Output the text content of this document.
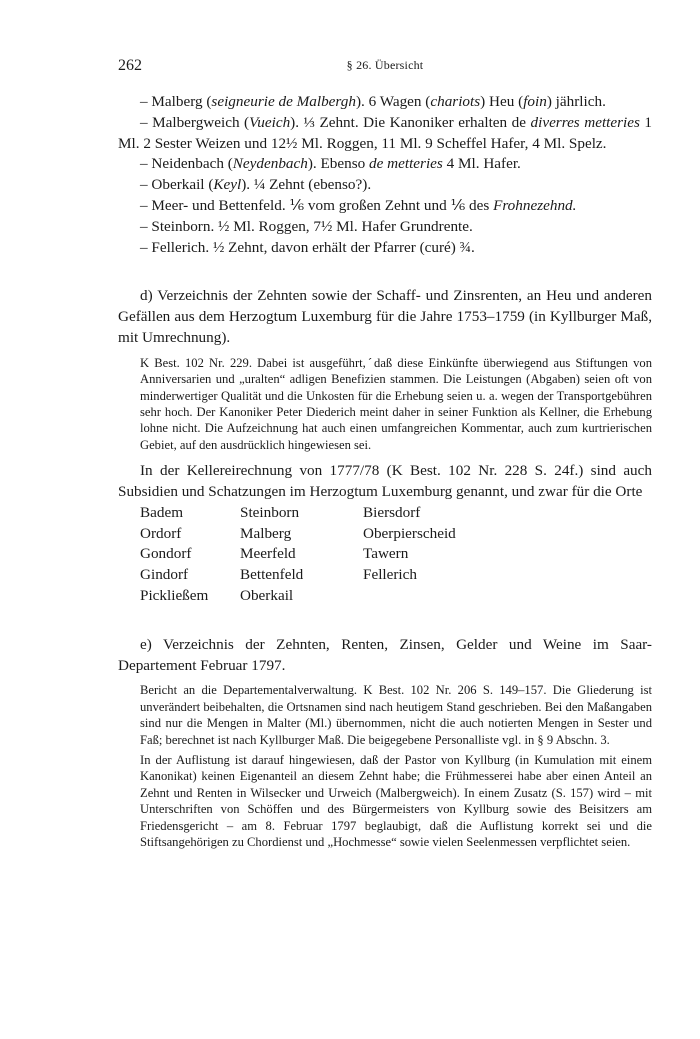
262	§ 26. Übersicht

– Malberg (seigneurie de Malbergh). 6 Wagen (chariots) Heu (foin) jährlich.

– Malbergweich (Vueich). ⅓ Zehnt. Die Kanoniker erhalten de diverres metteries 1 Ml. 2 Sester Weizen und 12½ Ml. Roggen, 11 Ml. 9 Scheffel Hafer, 4 Ml. Spelz.

– Neidenbach (Neydenbach). Ebenso de metteries 4 Ml. Hafer.

– Oberkail (Keyl). ¼ Zehnt (ebenso?).

– Meer- und Bettenfeld. ⅙ vom großen Zehnt und ⅙ des Frohnezehnd.

– Steinborn. ½ Ml. Roggen, 7½ Ml. Hafer Grundrente.

– Fellerich. ½ Zehnt, davon erhält der Pfarrer (curé) ¾.

d) Verzeichnis der Zehnten sowie der Schaff- und Zinsrenten, an Heu und anderen Gefällen aus dem Herzogtum Luxemburg für die Jahre 1753–1759 (in Kyllburger Maß, mit Umrechnung).

K Best. 102 Nr. 229. Dabei ist ausgeführt,ˊdaß diese Einkünfte überwiegend aus Stiftungen von Anniversarien und „uralten“ adligen Benefizien stammen. Die Leistungen (Abgaben) seien oft von minderwertiger Qualität und die Unkosten für die Erhebung seien u. a. wegen der Transportgebühren sehr hoch. Der Kanoniker Peter Diederich meint daher in seiner Funktion als Kellner, die Erhebung lohne nicht. Die Aufzeichnung hat auch einen umfangreichen Kommentar, auch zum kurtrierischen Gebiet, auf den ausdrücklich hingewiesen sei.

In der Kellereirechnung von 1777/78 (K Best. 102 Nr. 228 S. 24f.) sind auch Subsidien und Schatzungen im Herzogtum Luxemburg genannt, und zwar für die Orte

Badem	Steinborn	Biersdorf
Ordorf	Malberg	Oberpierscheid
Gondorf	Meerfeld	Tawern
Gindorf	Bettenfeld	Fellerich
Pickließem	Oberkail

e) Verzeichnis der Zehnten, Renten, Zinsen, Gelder und Weine im Saar-Departement Februar 1797.

Bericht an die Departementalverwaltung. K Best. 102 Nr. 206 S. 149–157. Die Gliederung ist unverändert beibehalten, die Ortsnamen sind nach heutigem Stand geschrieben. Bei den Maßangaben sind nur die Mengen in Malter (Ml.) übernommen, nicht die auch notierten Mengen in Sester und Faß; berechnet ist nach Kyllburger Maß. Die beigegebene Personalliste vgl. in § 9 Abschn. 3.

In der Auflistung ist darauf hingewiesen, daß der Pastor von Kyllburg (in Kumulation mit einem Kanonikat) keinen Eigenanteil an diesem Zehnt habe; die Frühmesserei habe aber einen Anteil an Zehnt und Renten in Wilsecker und Urweich (Malbergweich). In einem Zusatz (S. 157) wird – mit Unterschriften von Schöffen und des Bürgermeisters von Kyllburg sowie des Beisitzers am Friedensgericht – am 8. Februar 1797 beglaubigt, daß die Auflistung korrekt sei und die Stiftsangehörigen zu Chordienst und „Hochmesse“ sowie vielen Seelenmessen verpflichtet seien.
